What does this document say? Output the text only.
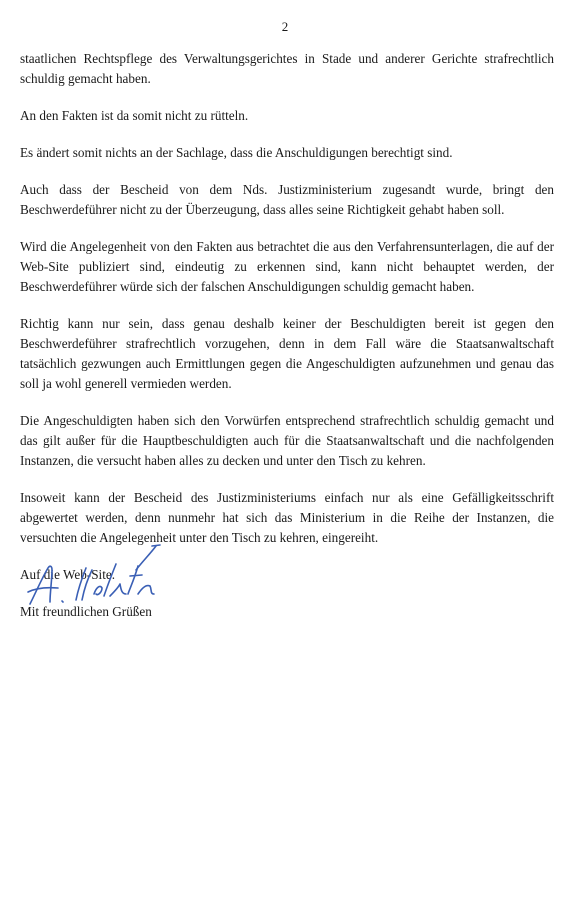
2

staatlichen Rechtspflege des Verwaltungsgerichtes in Stade und anderer Gerichte strafrechtlich schuldig gemacht haben.

An den Fakten ist da somit nicht zu rütteln.

Es ändert somit nichts an der Sachlage, dass die Anschuldigungen berechtigt sind.

Auch dass der Bescheid von dem Nds. Justizministerium zugesandt wurde, bringt den Beschwerdeführer nicht zu der Überzeugung, dass alles seine Richtigkeit gehabt haben soll.

Wird die Angelegenheit von den Fakten aus betrachtet die aus den Verfahrensunterlagen, die auf der Web-Site publiziert sind, eindeutig zu erkennen sind, kann nicht behauptet werden, der Beschwerdeführer würde sich der falschen Anschuldigungen schuldig gemacht haben.

Richtig kann nur sein, dass genau deshalb keiner der Beschuldigten bereit ist gegen den Beschwerdeführer strafrechtlich vorzugehen, denn in dem Fall wäre die Staatsanwaltschaft tatsächlich gezwungen auch Ermittlungen gegen die Angeschuldigten aufzunehmen und genau das soll ja wohl generell vermieden werden.

Die Angeschuldigten haben sich den Vorwürfen entsprechend strafrechtlich schuldig gemacht und das gilt außer für die Hauptbeschuldigten auch für die Staatsanwaltschaft und die nachfolgenden Instanzen, die versucht haben alles zu decken und unter den Tisch zu kehren.

Insoweit kann der Bescheid des Justizministeriums einfach nur als eine Gefälligkeitsschrift abgewertet werden, denn nunmehr hat sich das Ministerium in die Reihe der Instanzen, die versuchten die Angelegenheit unter den Tisch zu kehren, eingereiht.

Auf die Web-Site.

Mit freundlichen Grüßen
